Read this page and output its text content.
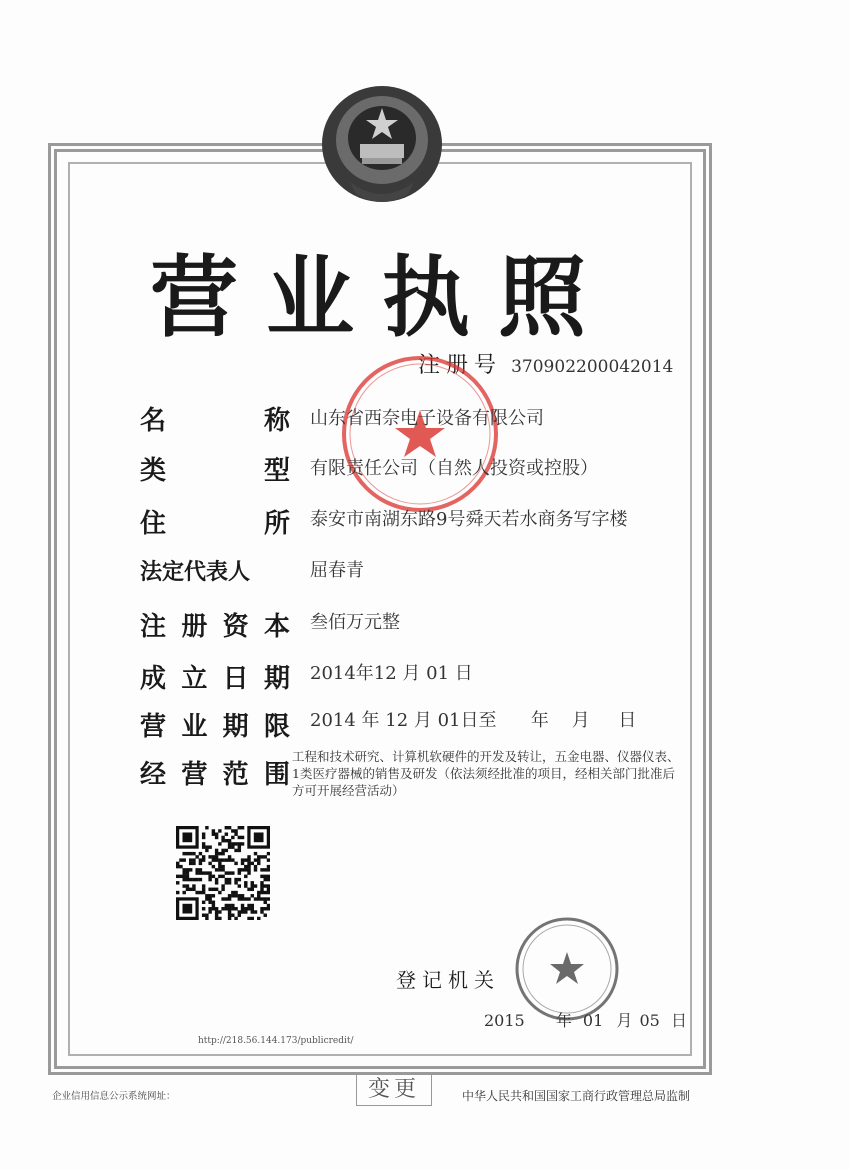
营业执照
注册号 370902200042014
名	称 山东省西奈电子设备有限公司
类	型 有限责任公司（自然人投资或控股）
住	所 泰安市南湖东路9号舜天若水商务写字楼
法定代表人	屈春青
注 册 资 本 叁佰万元整
成 立 日 期 2014年12 月 01 日
营 业 期 限 2014 年 12 月 01日至      年    月     日
经 营 范 围
工程和技术研究、计算机软硬件的开发及转让，五金电器、仪器仪表、1类医疗器械的销售及研发（依法须经批准的项目，经相关部门批准后方可开展经营活动）
http://218.56.144.173/publicredit/
登记机关
2015 年 01 月 05 日
企业信用信息公示系统网址：	变更	中华人民共和国国家工商行政管理总局监制
